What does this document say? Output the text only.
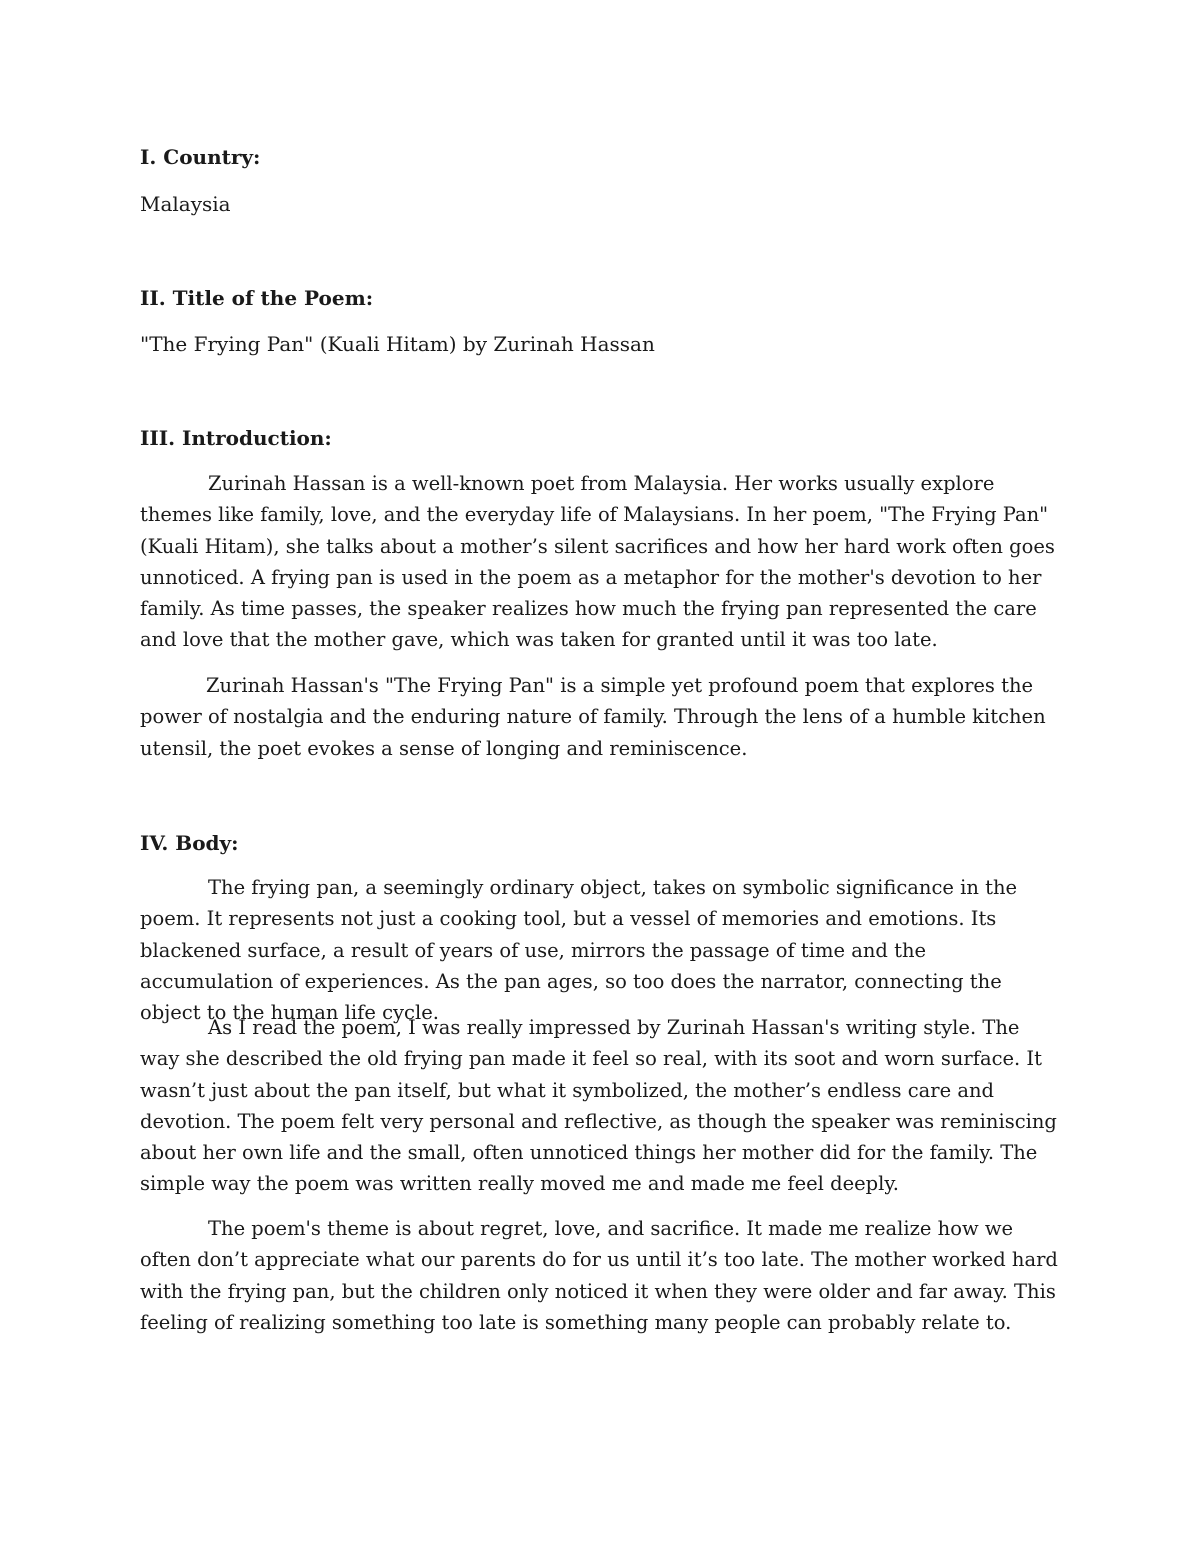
I. Country:

Malaysia

II. Title of the Poem:

"The Frying Pan" (Kuali Hitam) by Zurinah Hassan

III. Introduction:

Zurinah Hassan is a well-known poet from Malaysia. Her works usually explore themes like family, love, and the everyday life of Malaysians. In her poem, "The Frying Pan" (Kuali Hitam), she talks about a mother’s silent sacrifices and how her hard work often goes unnoticed. A frying pan is used in the poem as a metaphor for the mother's devotion to her family. As time passes, the speaker realizes how much the frying pan represented the care and love that the mother gave, which was taken for granted until it was too late.

Zurinah Hassan's "The Frying Pan" is a simple yet profound poem that explores the power of nostalgia and the enduring nature of family. Through the lens of a humble kitchen utensil, the poet evokes a sense of longing and reminiscence.

IV. Body:

The frying pan, a seemingly ordinary object, takes on symbolic significance in the poem. It represents not just a cooking tool, but a vessel of memories and emotions. Its blackened surface, a result of years of use, mirrors the passage of time and the accumulation of experiences. As the pan ages, so too does the narrator, connecting the object to the human life cycle.

As I read the poem, I was really impressed by Zurinah Hassan's writing style. The way she described the old frying pan made it feel so real, with its soot and worn surface. It wasn’t just about the pan itself, but what it symbolized, the mother’s endless care and devotion. The poem felt very personal and reflective, as though the speaker was reminiscing about her own life and the small, often unnoticed things her mother did for the family. The simple way the poem was written really moved me and made me feel deeply.

The poem's theme is about regret, love, and sacrifice. It made me realize how we often don’t appreciate what our parents do for us until it’s too late. The mother worked hard with the frying pan, but the children only noticed it when they were older and far away. This feeling of realizing something too late is something many people can probably relate to.
